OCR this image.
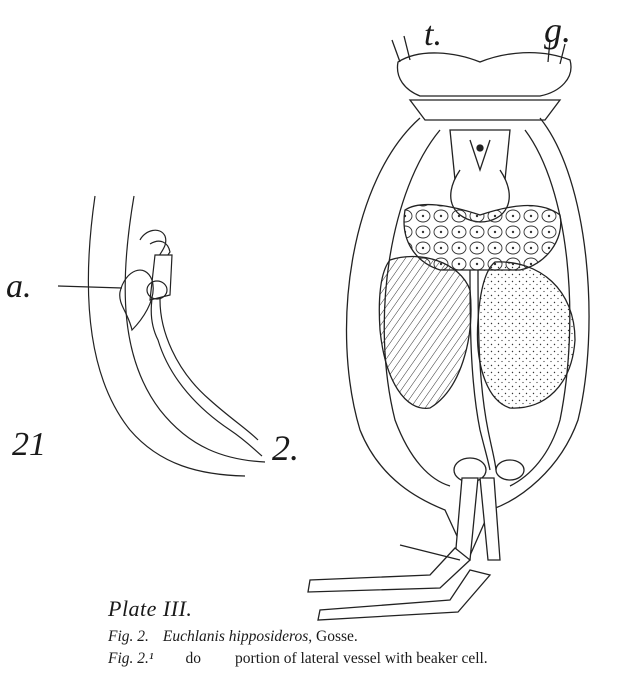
t.	g.
a.
21	2.
Plate III.
Fig. 2. Euchlanis hipposideros, Gosse.
Fig. 2.¹ do portion of lateral vessel with beaker cell.
